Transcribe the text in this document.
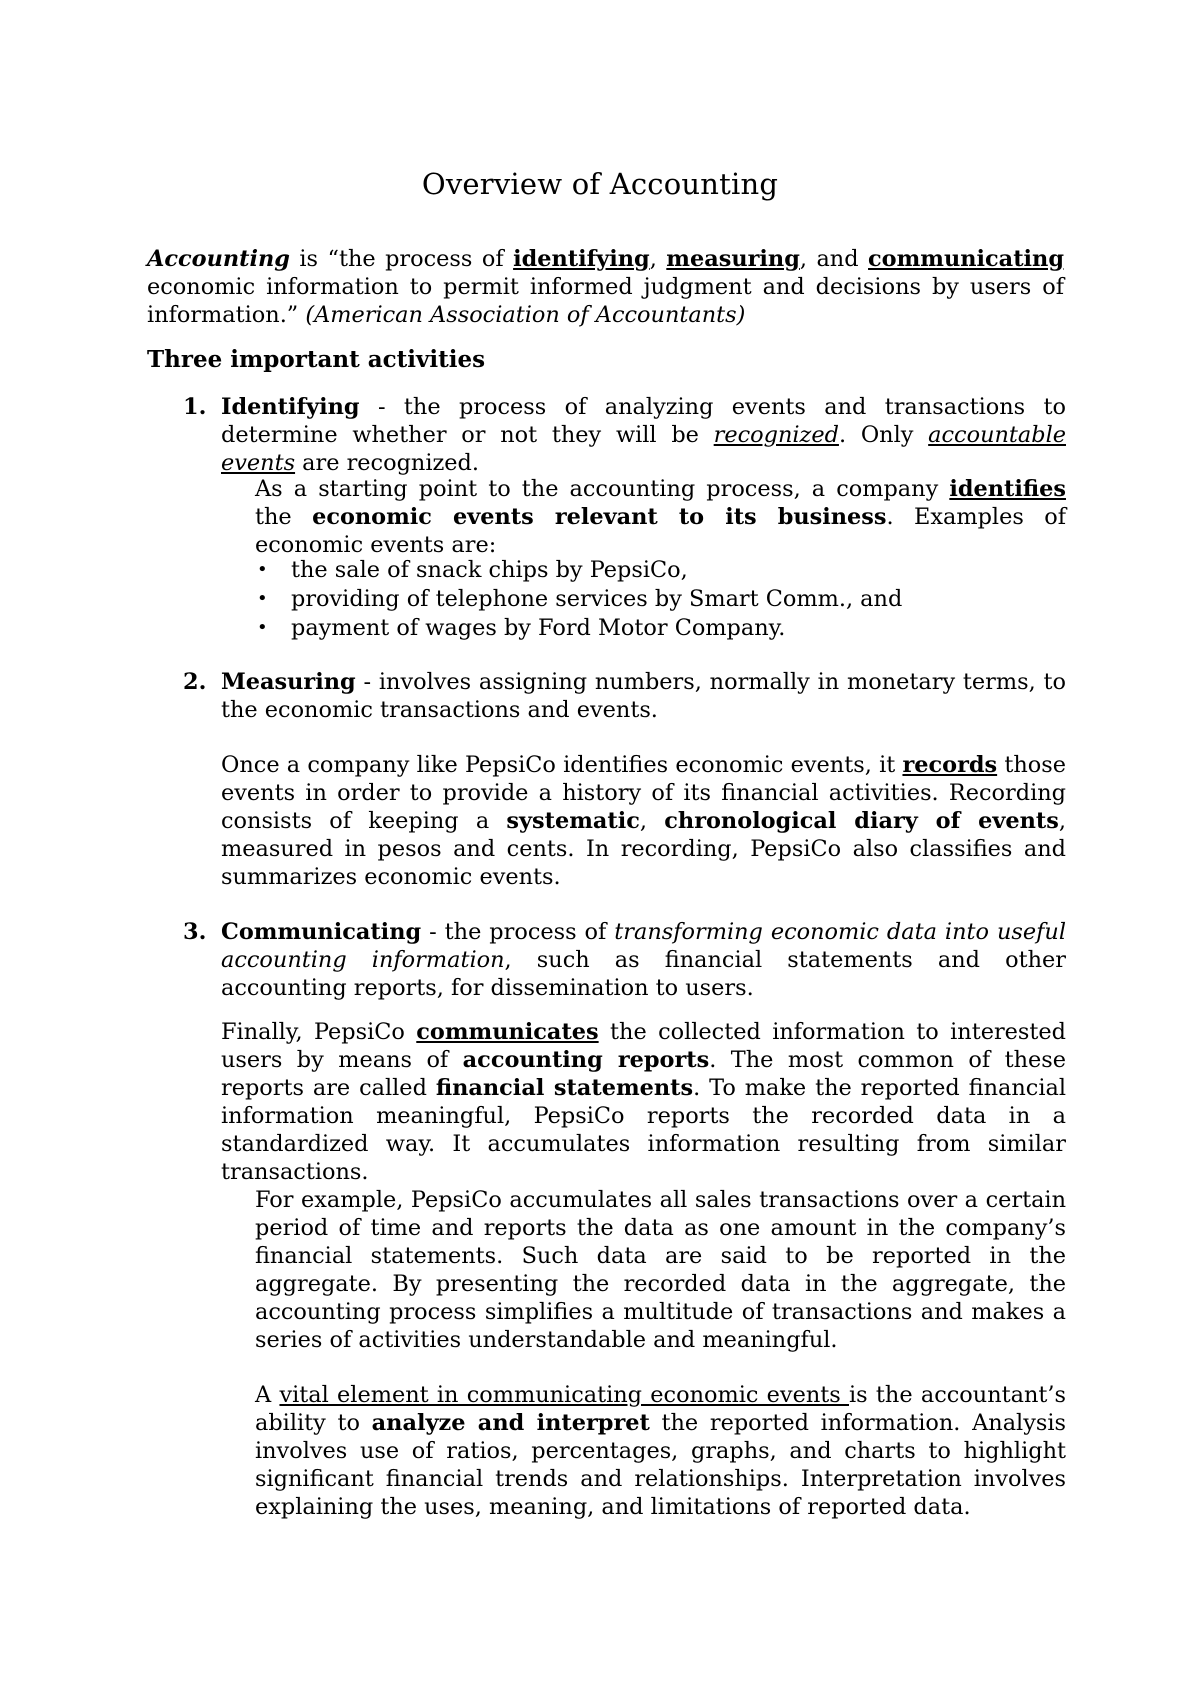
Overview of Accounting

Accounting is “the process of identifying, measuring, and communicating economic information to permit informed judgment and decisions by users of information.” (American Association of Accountants)

Three important activities
1. Identifying - the process of analyzing events and transactions to determine whether or not they will be recognized. Only accountable events are recognized.

As a starting point to the accounting process, a company identifies the economic events relevant to its business. Examples of economic events are:

• the sale of snack chips by PepsiCo,
• providing of telephone services by Smart Comm., and
• payment of wages by Ford Motor Company.
2. Measuring - involves assigning numbers, normally in monetary terms, to the economic transactions and events.

Once a company like PepsiCo identifies economic events, it records those events in order to provide a history of its financial activities. Recording consists of keeping a systematic, chronological diary of events, measured in pesos and cents. In recording, PepsiCo also classifies and summarizes economic events.

3. Communicating - the process of transforming economic data into useful accounting information, such as financial statements and other accounting reports, for dissemination to users.

Finally, PepsiCo communicates the collected information to interested users by means of accounting reports. The most common of these reports are called financial statements. To make the reported financial information meaningful, PepsiCo reports the recorded data in a standardized way. It accumulates information resulting from similar transactions.

For example, PepsiCo accumulates all sales transactions over a certain period of time and reports the data as one amount in the company’s financial statements. Such data are said to be reported in the aggregate. By presenting the recorded data in the aggregate, the accounting process simplifies a multitude of transactions and makes a series of activities understandable and meaningful.

A vital element in communicating economic events is the accountant’s ability to analyze and interpret the reported information. Analysis involves use of ratios, percentages, graphs, and charts to highlight significant financial trends and relationships. Interpretation involves explaining the uses, meaning, and limitations of reported data.
